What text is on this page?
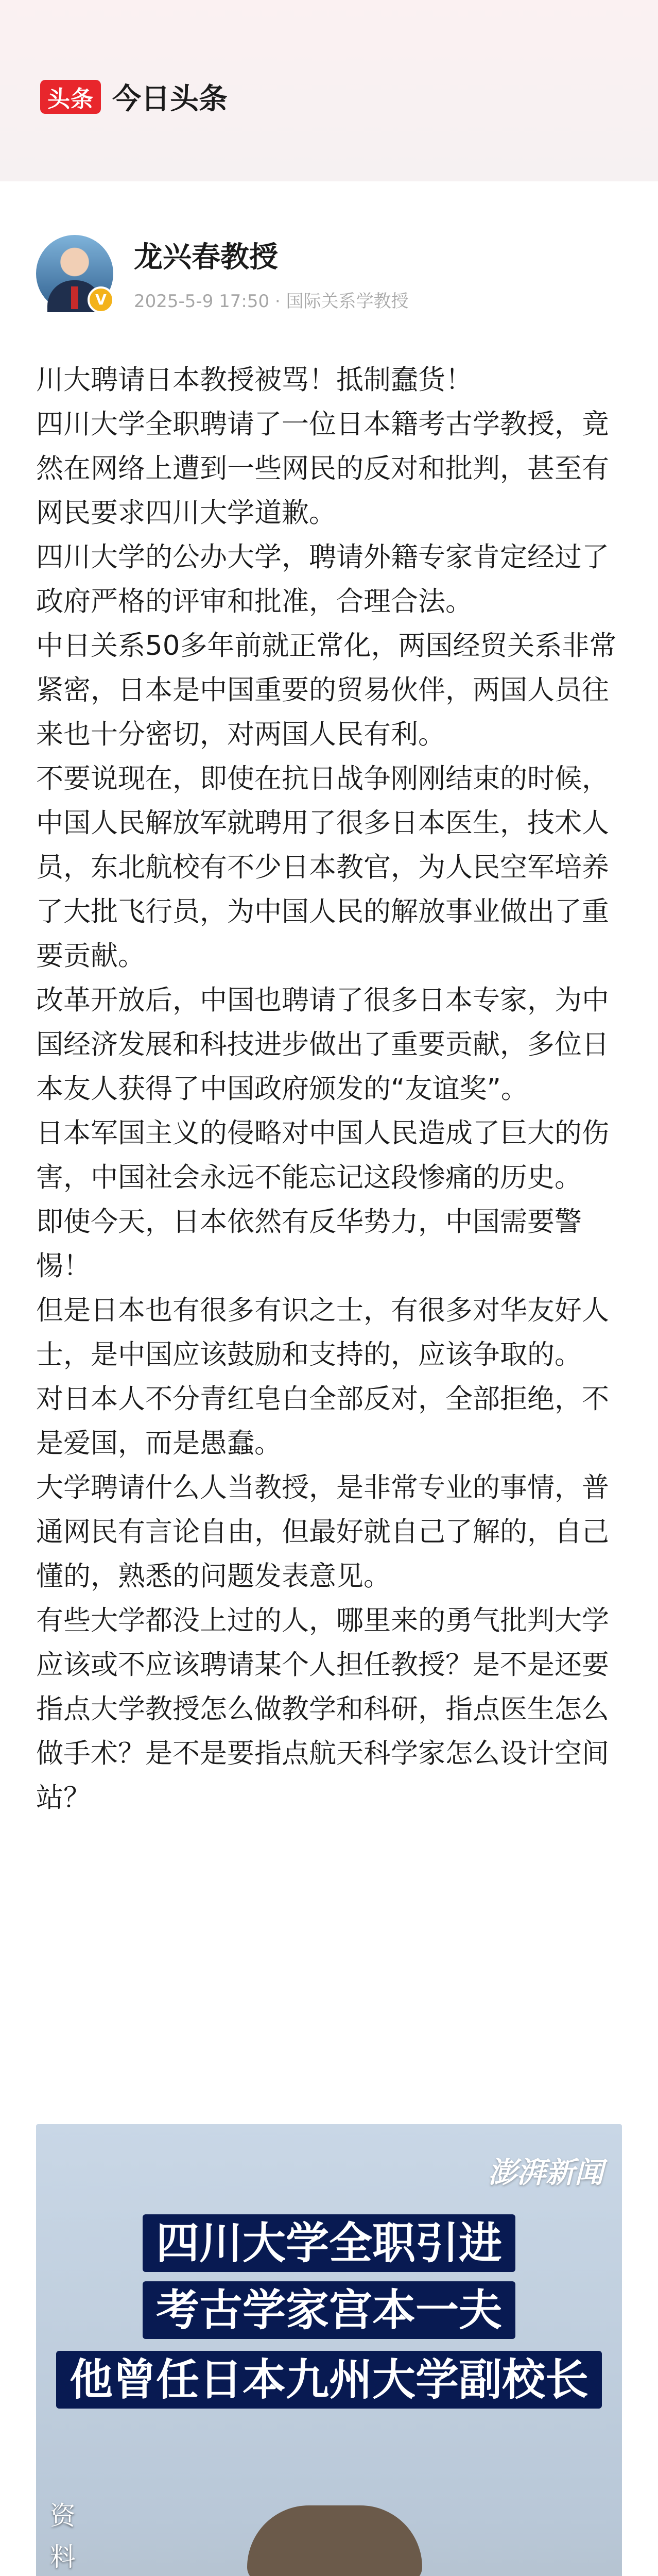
头条 今日头条
V
龙兴春教授
2025-5-9 17:50 · 国际关系学教授

川大聘请日本教授被骂！抵制蠢货！

四川大学全职聘请了一位日本籍考古学教授，竟然在网络上遭到一些网民的反对和批判，甚至有网民要求四川大学道歉。

四川大学的公办大学，聘请外籍专家肯定经过了政府严格的评审和批准，合理合法。

中日关系50多年前就正常化，两国经贸关系非常紧密，日本是中国重要的贸易伙伴，两国人员往来也十分密切，对两国人民有利。

不要说现在，即使在抗日战争刚刚结束的时候，中国人民解放军就聘用了很多日本医生，技术人员，东北航校有不少日本教官，为人民空军培养了大批飞行员，为中国人民的解放事业做出了重要贡献。

改革开放后，中国也聘请了很多日本专家，为中国经济发展和科技进步做出了重要贡献，多位日本友人获得了中国政府颁发的“友谊奖”。

日本军国主义的侵略对中国人民造成了巨大的伤害，中国社会永远不能忘记这段惨痛的历史。

即使今天，日本依然有反华势力，中国需要警惕！

但是日本也有很多有识之士，有很多对华友好人士，是中国应该鼓励和支持的，应该争取的。

对日本人不分青红皂白全部反对，全部拒绝，不是爱国，而是愚蠢。

大学聘请什么人当教授，是非常专业的事情，普通网民有言论自由，但最好就自己了解的，自己懂的，熟悉的问题发表意见。

有些大学都没上过的人，哪里来的勇气批判大学应该或不应该聘请某个人担任教授？是不是还要指点大学教授怎么做教学和科研，指点医生怎么做手术？是不是要指点航天科学家怎么设计空间站？

澎湃新闻
四川大学全职引进
考古学家宫本一夫
他曾任日本九州大学副校长
资
料
